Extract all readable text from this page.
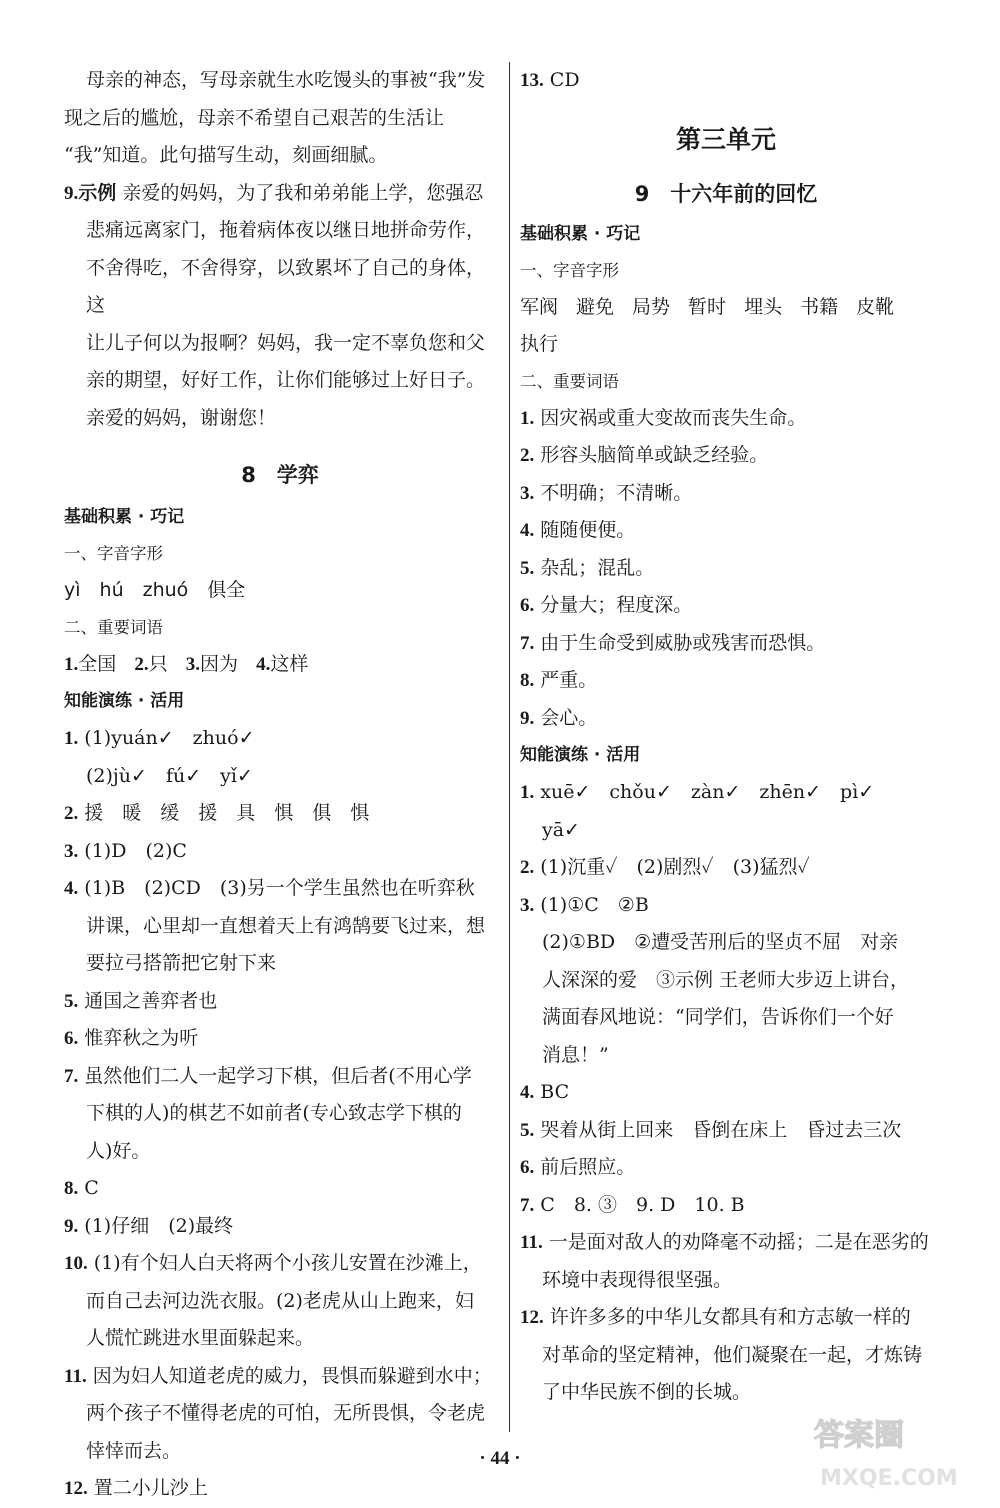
母亲的神态，写母亲就生水吃馒头的事被“我”发

现之后的尴尬，母亲不希望自己艰苦的生活让

“我”知道。此句描写生动，刻画细腻。

9.示例 亲爱的妈妈，为了我和弟弟能上学，您强忍

悲痛远离家门，拖着病体夜以继日地拼命劳作，

不舍得吃，不舍得穿，以致累坏了自己的身体，这

让儿子何以为报啊？妈妈，我一定不辜负您和父

亲的期望，好好工作，让你们能够过上好日子。

亲爱的妈妈，谢谢您！

8　学弈

基础积累 · 巧记

一、字音字形

yì　hú　zhuó　俱全

二、重要词语

1.全国 2.只 3.因为 4.这样

知能演练 · 活用

1. (1)yuán✓　zhuó✓

(2)jù✓　fú✓　yǐ✓

2. 援　暖　缓　援　具　惧　俱　惧

3. (1)D　(2)C

4. (1)B　(2)CD　(3)另一个学生虽然也在听弈秋

讲课，心里却一直想着天上有鸿鹄要飞过来，想

要拉弓搭箭把它射下来

5. 通国之善弈者也

6. 惟弈秋之为听

7. 虽然他们二人一起学习下棋，但后者(不用心学

下棋的人)的棋艺不如前者(专心致志学下棋的

人)好。

8. C

9. (1)仔细　(2)最终

10. (1)有个妇人白天将两个小孩儿安置在沙滩上，

而自己去河边洗衣服。(2)老虎从山上跑来，妇

人慌忙跳进水里面躲起来。

11. 因为妇人知道老虎的威力，畏惧而躲避到水中；

两个孩子不懂得老虎的可怕，无所畏惧，令老虎

悻悻而去。

12. 置二小儿沙上

13. CD

第三单元

9　十六年前的回忆

基础积累 · 巧记

一、字音字形

军阀 避免 局势 暂时 埋头 书籍 皮靴

执行

二、重要词语

1. 因灾祸或重大变故而丧失生命。

2. 形容头脑简单或缺乏经验。

3. 不明确；不清晰。

4. 随随便便。

5. 杂乱；混乱。

6. 分量大；程度深。

7. 由于生命受到威胁或残害而恐惧。

8. 严重。

9. 会心。

知能演练 · 活用

1. xuē✓　chǒu✓　zàn✓　zhēn✓　pì✓

yā✓

2. (1)沉重✓　(2)剧烈✓　(3)猛烈✓

3. (1)①C　②B

(2)①BD　②遭受苦刑后的坚贞不屈　对亲

人深深的爱　③示例 王老师大步迈上讲台，

满面春风地说：“同学们，告诉你们一个好

消息！”

4. BC

5. 哭着从街上回来　昏倒在床上　昏过去三次

6. 前后照应。

7. C　8. ③　9. D　10. B

11. 一是面对敌人的劝降毫不动摇；二是在恶劣的

环境中表现得很坚强。

12. 许许多多的中华儿女都具有和方志敏一样的

对革命的坚定精神，他们凝聚在一起，才炼铸

了中华民族不倒的长城。

· 44 ·
答案圈
MXQE.COM
